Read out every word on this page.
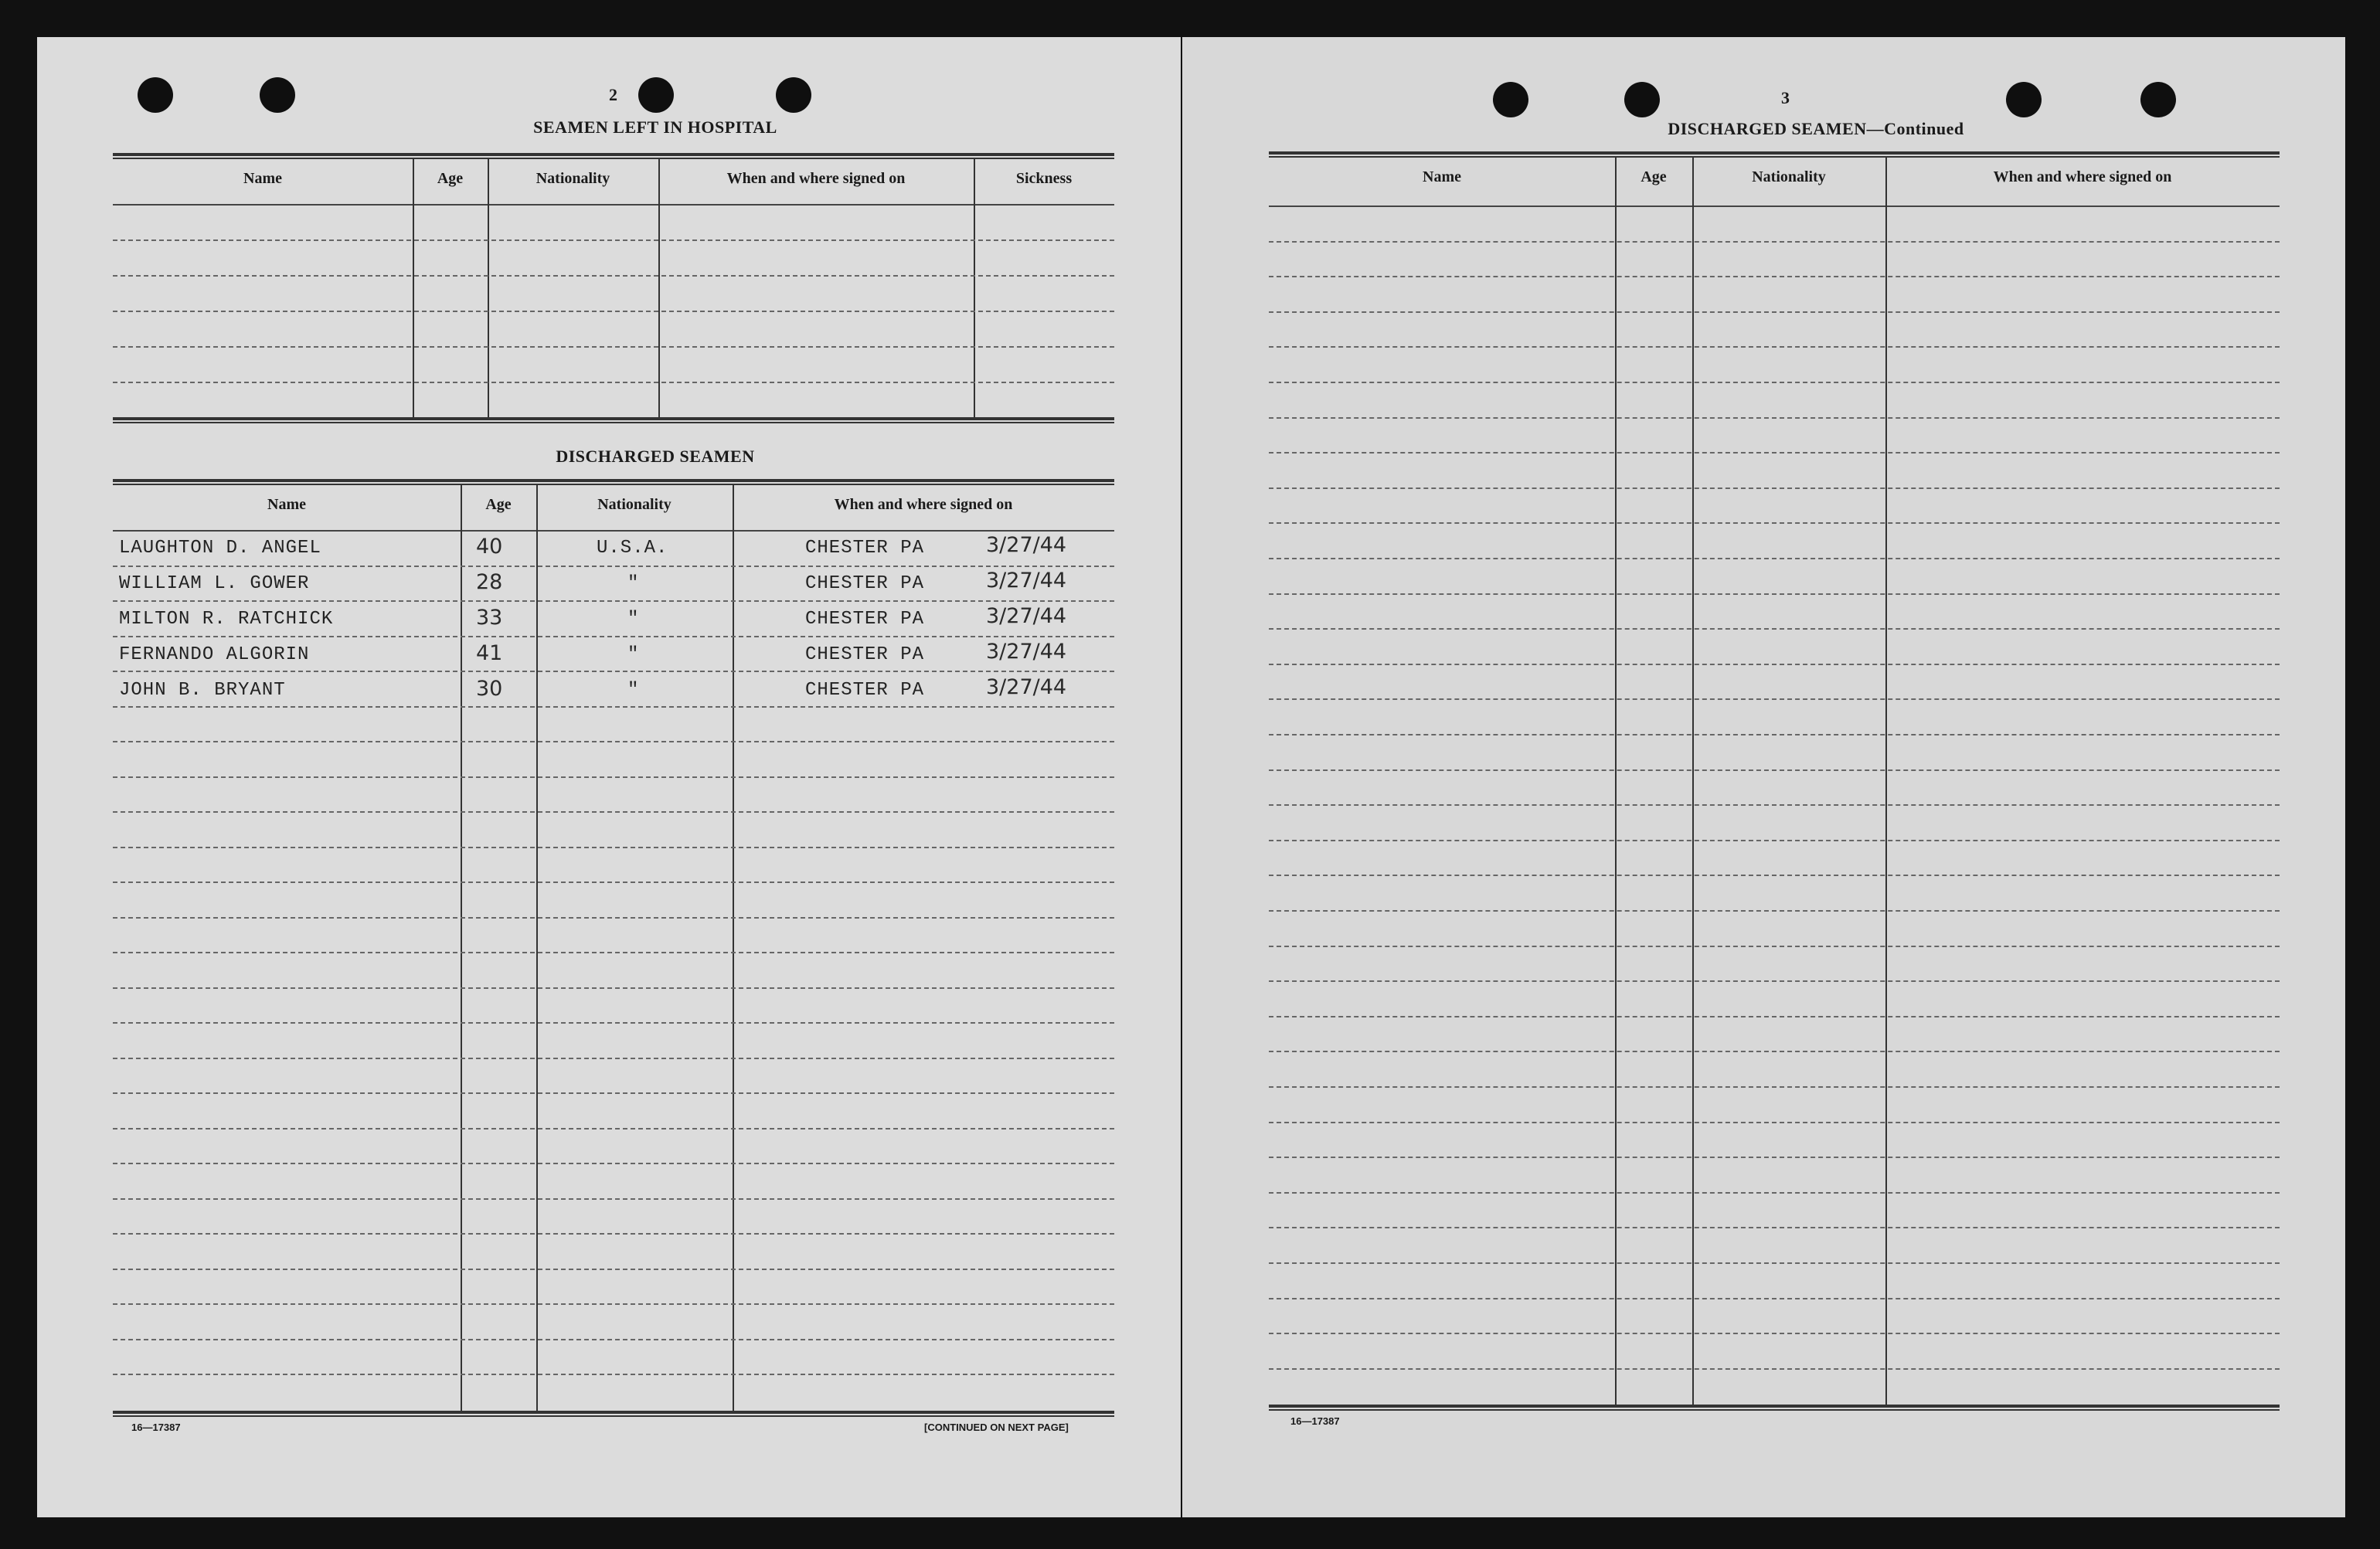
2
SEAMEN LEFT IN HOSPITAL
DISCHARGED SEAMEN
16—17387	[CONTINUED ON NEXT PAGE]
Name	Age	Nationality	When and where signed on	Sickness
Name	Age	Nationality	When and where signed on
LAUGHTON D. ANGEL	40	U.S.A.	CHESTER PA	3/27/44
WILLIAM L. GOWER	28	"	CHESTER PA	3/27/44
MILTON R. RATCHICK	33	"	CHESTER PA	3/27/44
FERNANDO ALGORIN	41	"	CHESTER PA	3/27/44
JOHN B. BRYANT	30	"	CHESTER PA	3/27/44
3
DISCHARGED SEAMEN—Continued
16—17387
Name	Age	Nationality	When and where signed on
